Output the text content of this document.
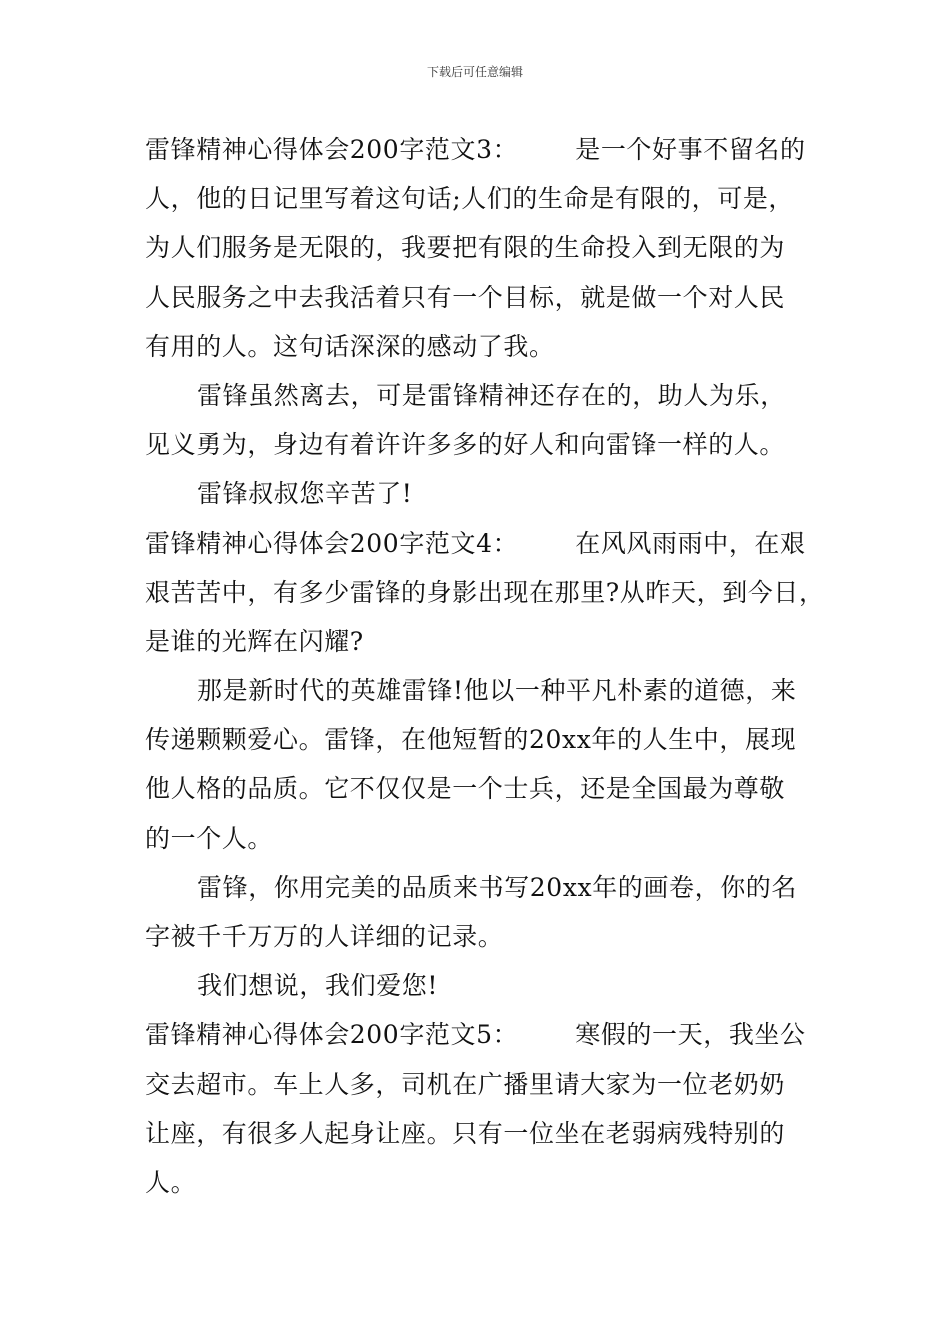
下载后可任意编辑
雷锋精神心得体会200字范文3： 是一个好事不留名的
人，他的日记里写着这句话;人们的生命是有限的，可是，
为人们服务是无限的，我要把有限的生命投入到无限的为
人民服务之中去我活着只有一个目标，就是做一个对人民
有用的人。这句话深深的感动了我。
雷锋虽然离去，可是雷锋精神还存在的，助人为乐，
见义勇为，身边有着许许多多的好人和向雷锋一样的人。
雷锋叔叔您辛苦了!
雷锋精神心得体会200字范文4： 在风风雨雨中，在艰
艰苦苦中，有多少雷锋的身影出现在那里?从昨天，到今日，
是谁的光辉在闪耀?
那是新时代的英雄雷锋!他以一种平凡朴素的道德，来
传递颗颗爱心。雷锋，在他短暂的20xx年的人生中，展现
他人格的品质。它不仅仅是一个士兵，还是全国最为尊敬
的一个人。
雷锋，你用完美的品质来书写20xx年的画卷，你的名
字被千千万万的人详细的记录。
我们想说，我们爱您!
雷锋精神心得体会200字范文5： 寒假的一天，我坐公
交去超市。车上人多，司机在广播里请大家为一位老奶奶
让座，有很多人起身让座。只有一位坐在老弱病残特别的
人。
